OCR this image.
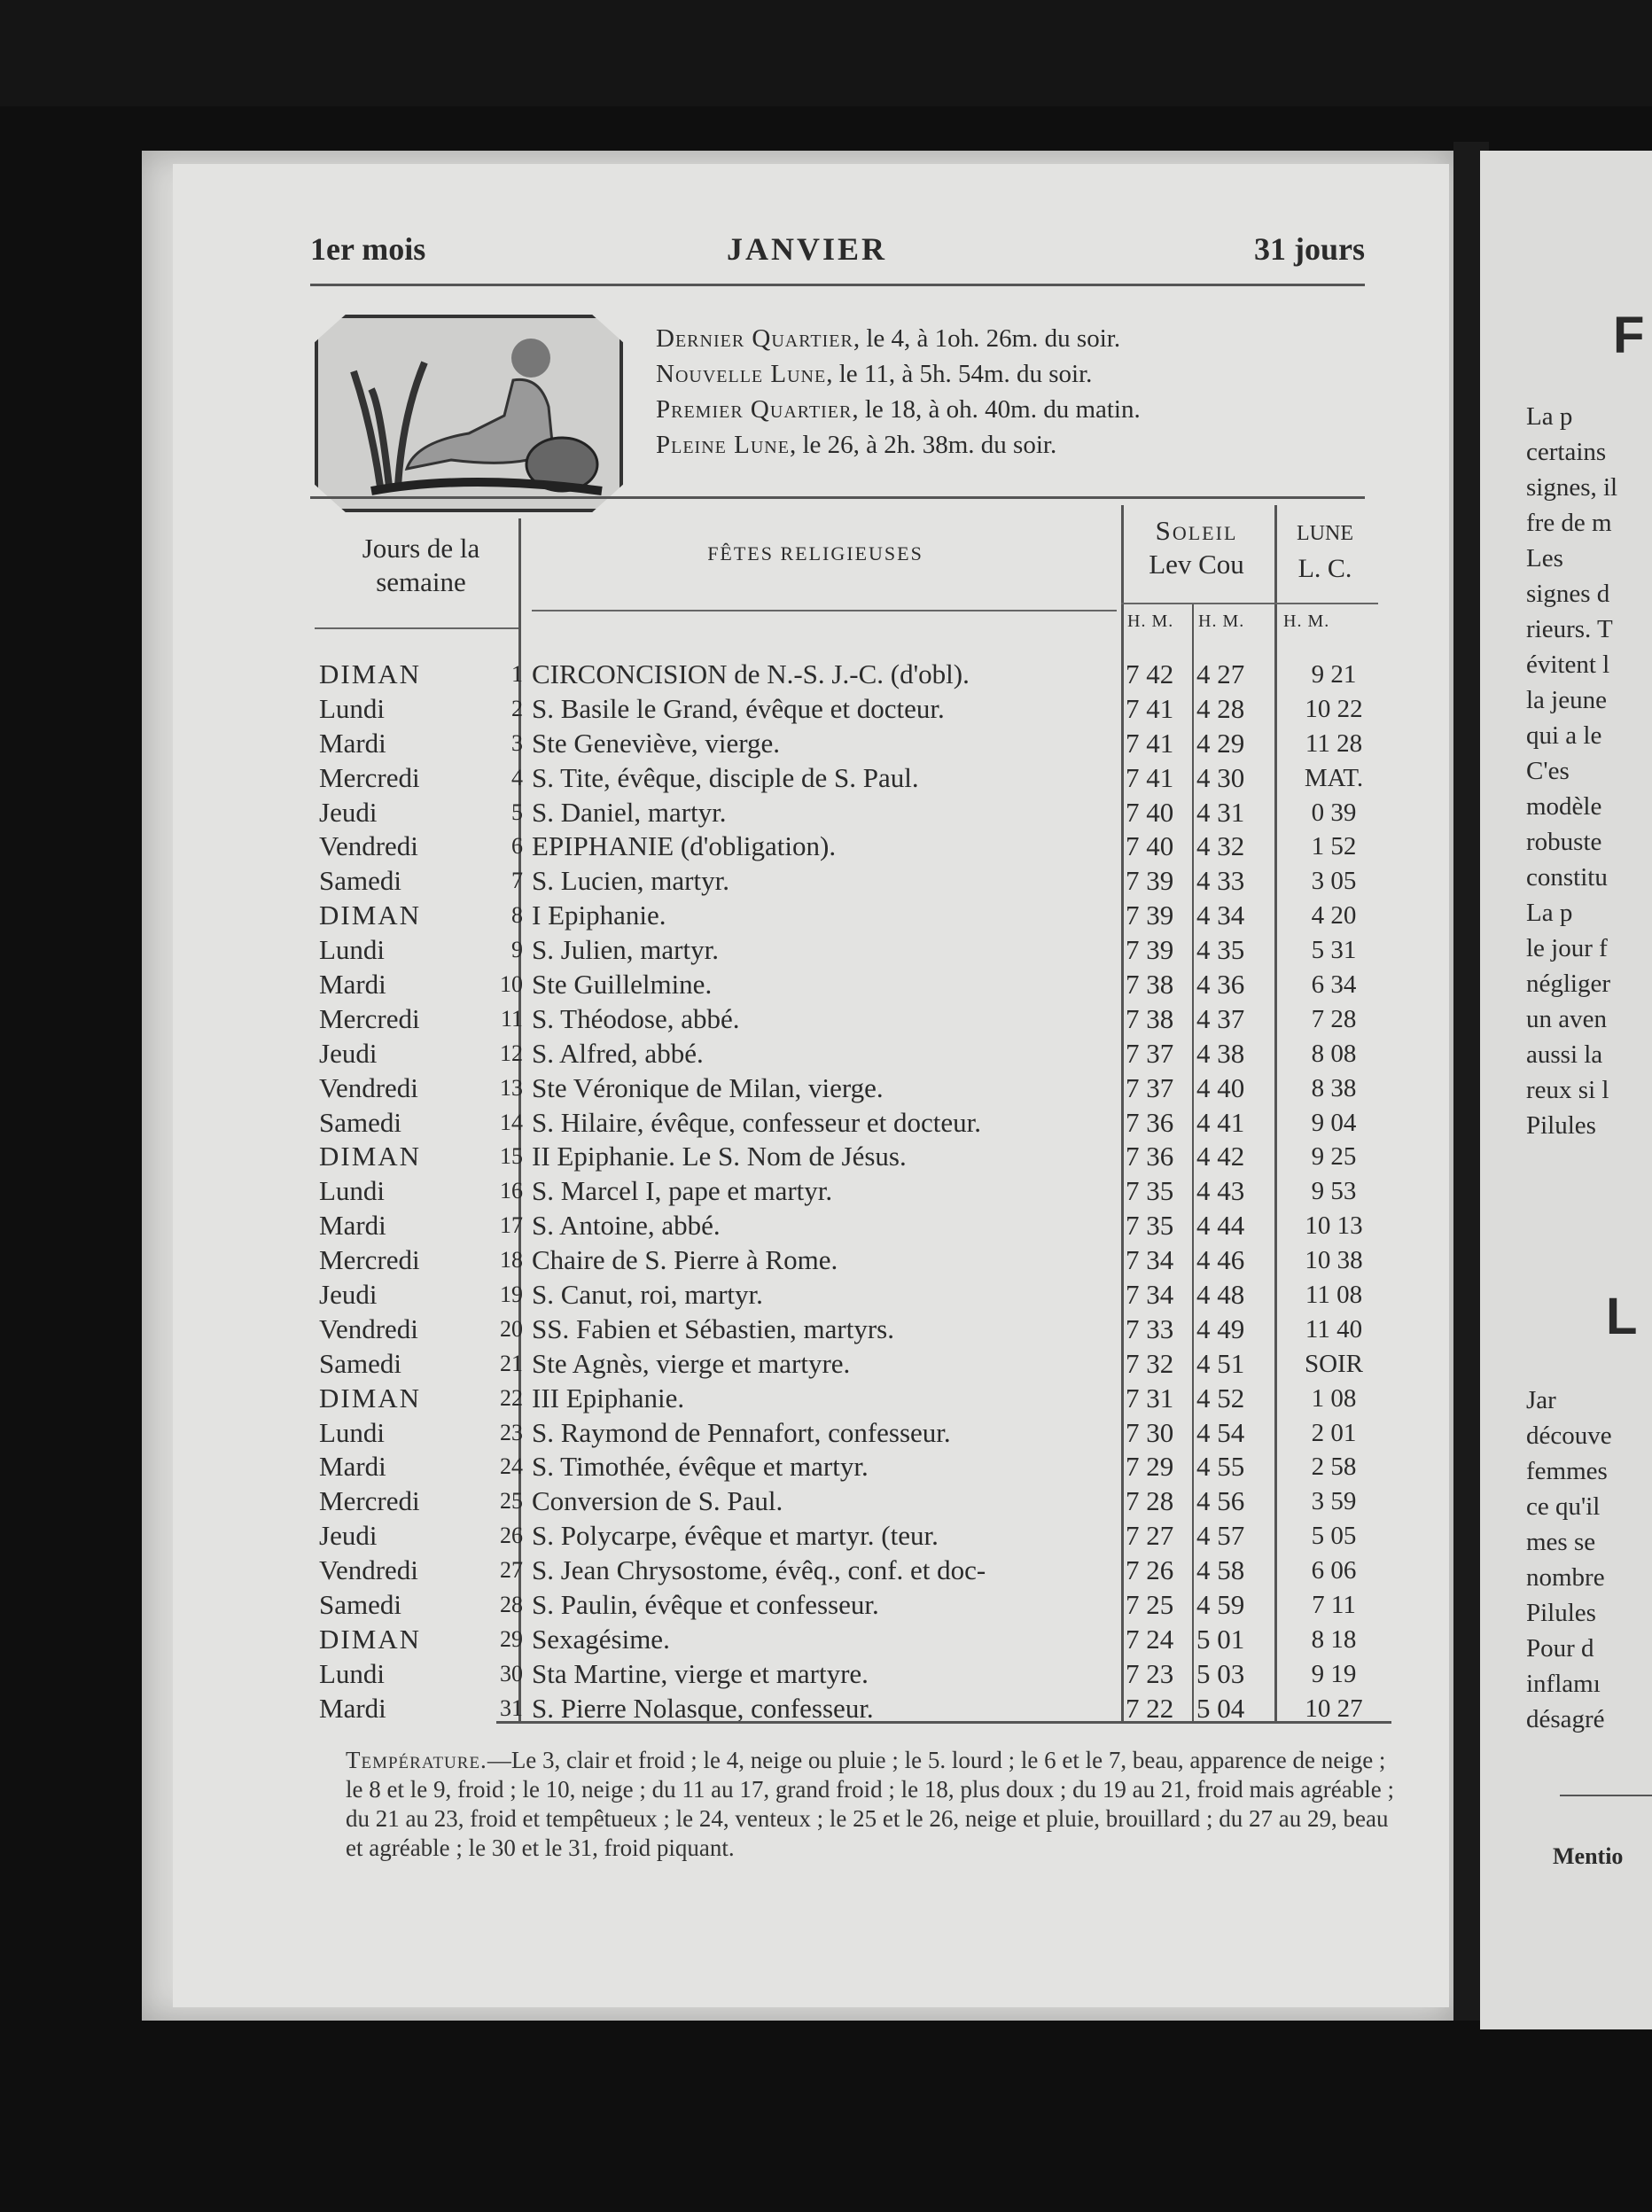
1er mois	JANVIER	31 jours
Dernier Quartier, le 4, à 1oh. 26m. du soir.
Nouvelle Lune, le 11, à 5h. 54m. du soir.
Premier Quartier, le 18, à oh. 40m. du matin.
Pleine Lune, le 26, à 2h. 38m. du soir.
Jours de la
semaine
FÊTES RELIGIEUSES
Soleil
Lev Cou
LUNE
L. C.
H. M. H. M. H. M.
DIMAN	1 CIRCONCISION de N.-S. J.-C. (d'obl).	7 42 4 27	9 21
Lundi	2 S. Basile le Grand, évêque et docteur.	7 41 4 28	10 22
Mardi	3 Ste Geneviève, vierge.	7 41 4 29	11 28
Mercredi	4 S. Tite, évêque, disciple de S. Paul.	7 41 4 30	MAT.
Jeudi	5 S. Daniel, martyr.	7 40 4 31	0 39
Vendredi	6 EPIPHANIE (d'obligation).	7 40 4 32	1 52
Samedi	7 S. Lucien, martyr.	7 39 4 33	3 05
DIMAN	8 I Epiphanie.	7 39 4 34	4 20
Lundi	9 S. Julien, martyr.	7 39 4 35	5 31
Mardi	10 Ste Guillelmine.	7 38 4 36	6 34
Mercredi	11 S. Théodose, abbé.	7 38 4 37	7 28
Jeudi	12 S. Alfred, abbé.	7 37 4 38	8 08
Vendredi	13 Ste Véronique de Milan, vierge.	7 37 4 40	8 38
Samedi	14 S. Hilaire, évêque, confesseur et docteur.	7 36 4 41	9 04
DIMAN	15 II Epiphanie. Le S. Nom de Jésus.	7 36 4 42	9 25
Lundi	16 S. Marcel I, pape et martyr.	7 35 4 43	9 53
Mardi	17 S. Antoine, abbé.	7 35 4 44	10 13
Mercredi	18 Chaire de S. Pierre à Rome.	7 34 4 46	10 38
Jeudi	19 S. Canut, roi, martyr.	7 34 4 48	11 08
Vendredi	20 SS. Fabien et Sébastien, martyrs.	7 33 4 49	11 40
Samedi	21 Ste Agnès, vierge et martyre.	7 32 4 51	SOIR
DIMAN	22 III Epiphanie.	7 31 4 52	1 08
Lundi	23 S. Raymond de Pennafort, confesseur.	7 30 4 54	2 01
Mardi	24 S. Timothée, évêque et martyr.	7 29 4 55	2 58
Mercredi	25 Conversion de S. Paul.	7 28 4 56	3 59
Jeudi	26 S. Polycarpe, évêque et martyr. (teur.	7 27 4 57	5 05
Vendredi	27 S. Jean Chrysostome, évêq., conf. et doc-	7 26 4 58	6 06
Samedi	28 S. Paulin, évêque et confesseur.	7 25 4 59	7 11
DIMAN	29 Sexagésime.	7 24 5 01	8 18
Lundi	30 Sta Martine, vierge et martyre.	7 23 5 03	9 19
Mardi	31 S. Pierre Nolasque, confesseur.	7 22 5 04	10 27
Température.—Le 3, clair et froid ; le 4, neige ou pluie ; le 5. lourd ; le 6 et le 7, beau, apparence de neige ; le 8 et le 9, froid ; le 10, neige ; du 11 au 17, grand froid ; le 18, plus doux ; du 19 au 21, froid mais agréable ; du 21 au 23, froid et tempêtueux ; le 24, venteux ; le 25 et le 26, neige et pluie, brouillard ; du 27 au 29, beau et agréable ; le 30 et le 31, froid piquant.
F
L
La p
certains
signes, il
fre de m
Les
signes d
rieurs. T
évitent l
la jeune
qui a le
C'es
modèle
robuste
constitu
La p
le jour f
négliger
un aven
aussi la
reux si l
Pilules
Jar
découve
femmes
ce qu'il
mes se
nombre
Pilules
Pour d
inflamı
désagré
Mentio
